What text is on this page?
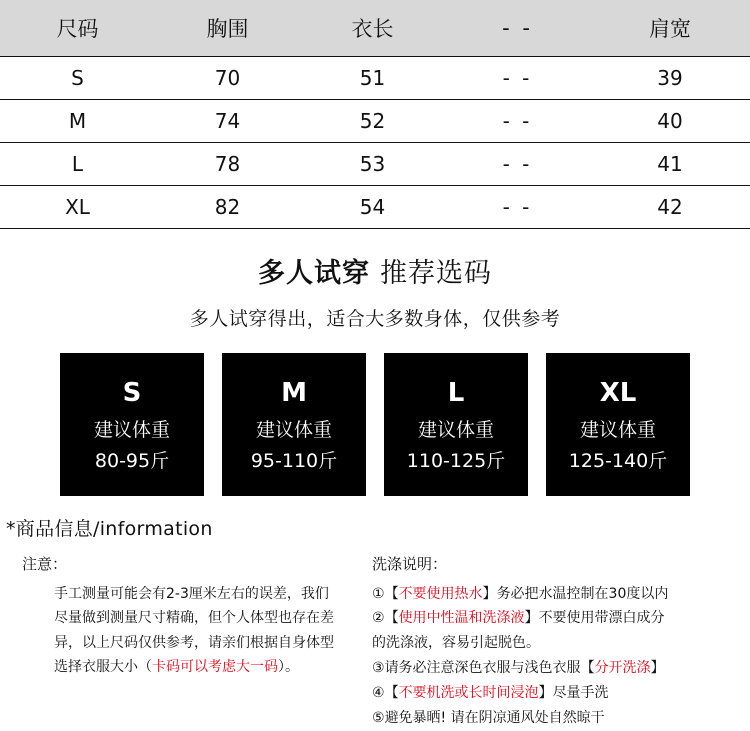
尺码	胸围	衣长	- -	肩宽
S	70	51	- -	39
M	74	52	- -	40
L	78	53	- -	41
XL	82	54	- -	42
多人试穿 推荐选码
多人试穿得出，适合大多数身体，仅供参考
S
建议体重
80-95斤
M
建议体重
95-110斤
L
建议体重
110-125斤
XL
建议体重
125-140斤
*商品信息/information
注意：
手工测量可能会有2-3厘米左右的误差，我们
尽量做到测量尺寸精确，但个人体型也存在差
异，以上尺码仅供参考，请亲们根据自身体型
选择衣服大小（卡码可以考虑大一码）。
洗涤说明：
①【不要使用热水】务必把水温控制在30度以内
②【使用中性温和洗涤液】不要使用带漂白成分
的洗涤液，容易引起脱色。
③请务必注意深色衣服与浅色衣服【分开洗涤】
④【不要机洗或长时间浸泡】尽量手洗
⑤避免暴晒! 请在阴凉通风处自然晾干
